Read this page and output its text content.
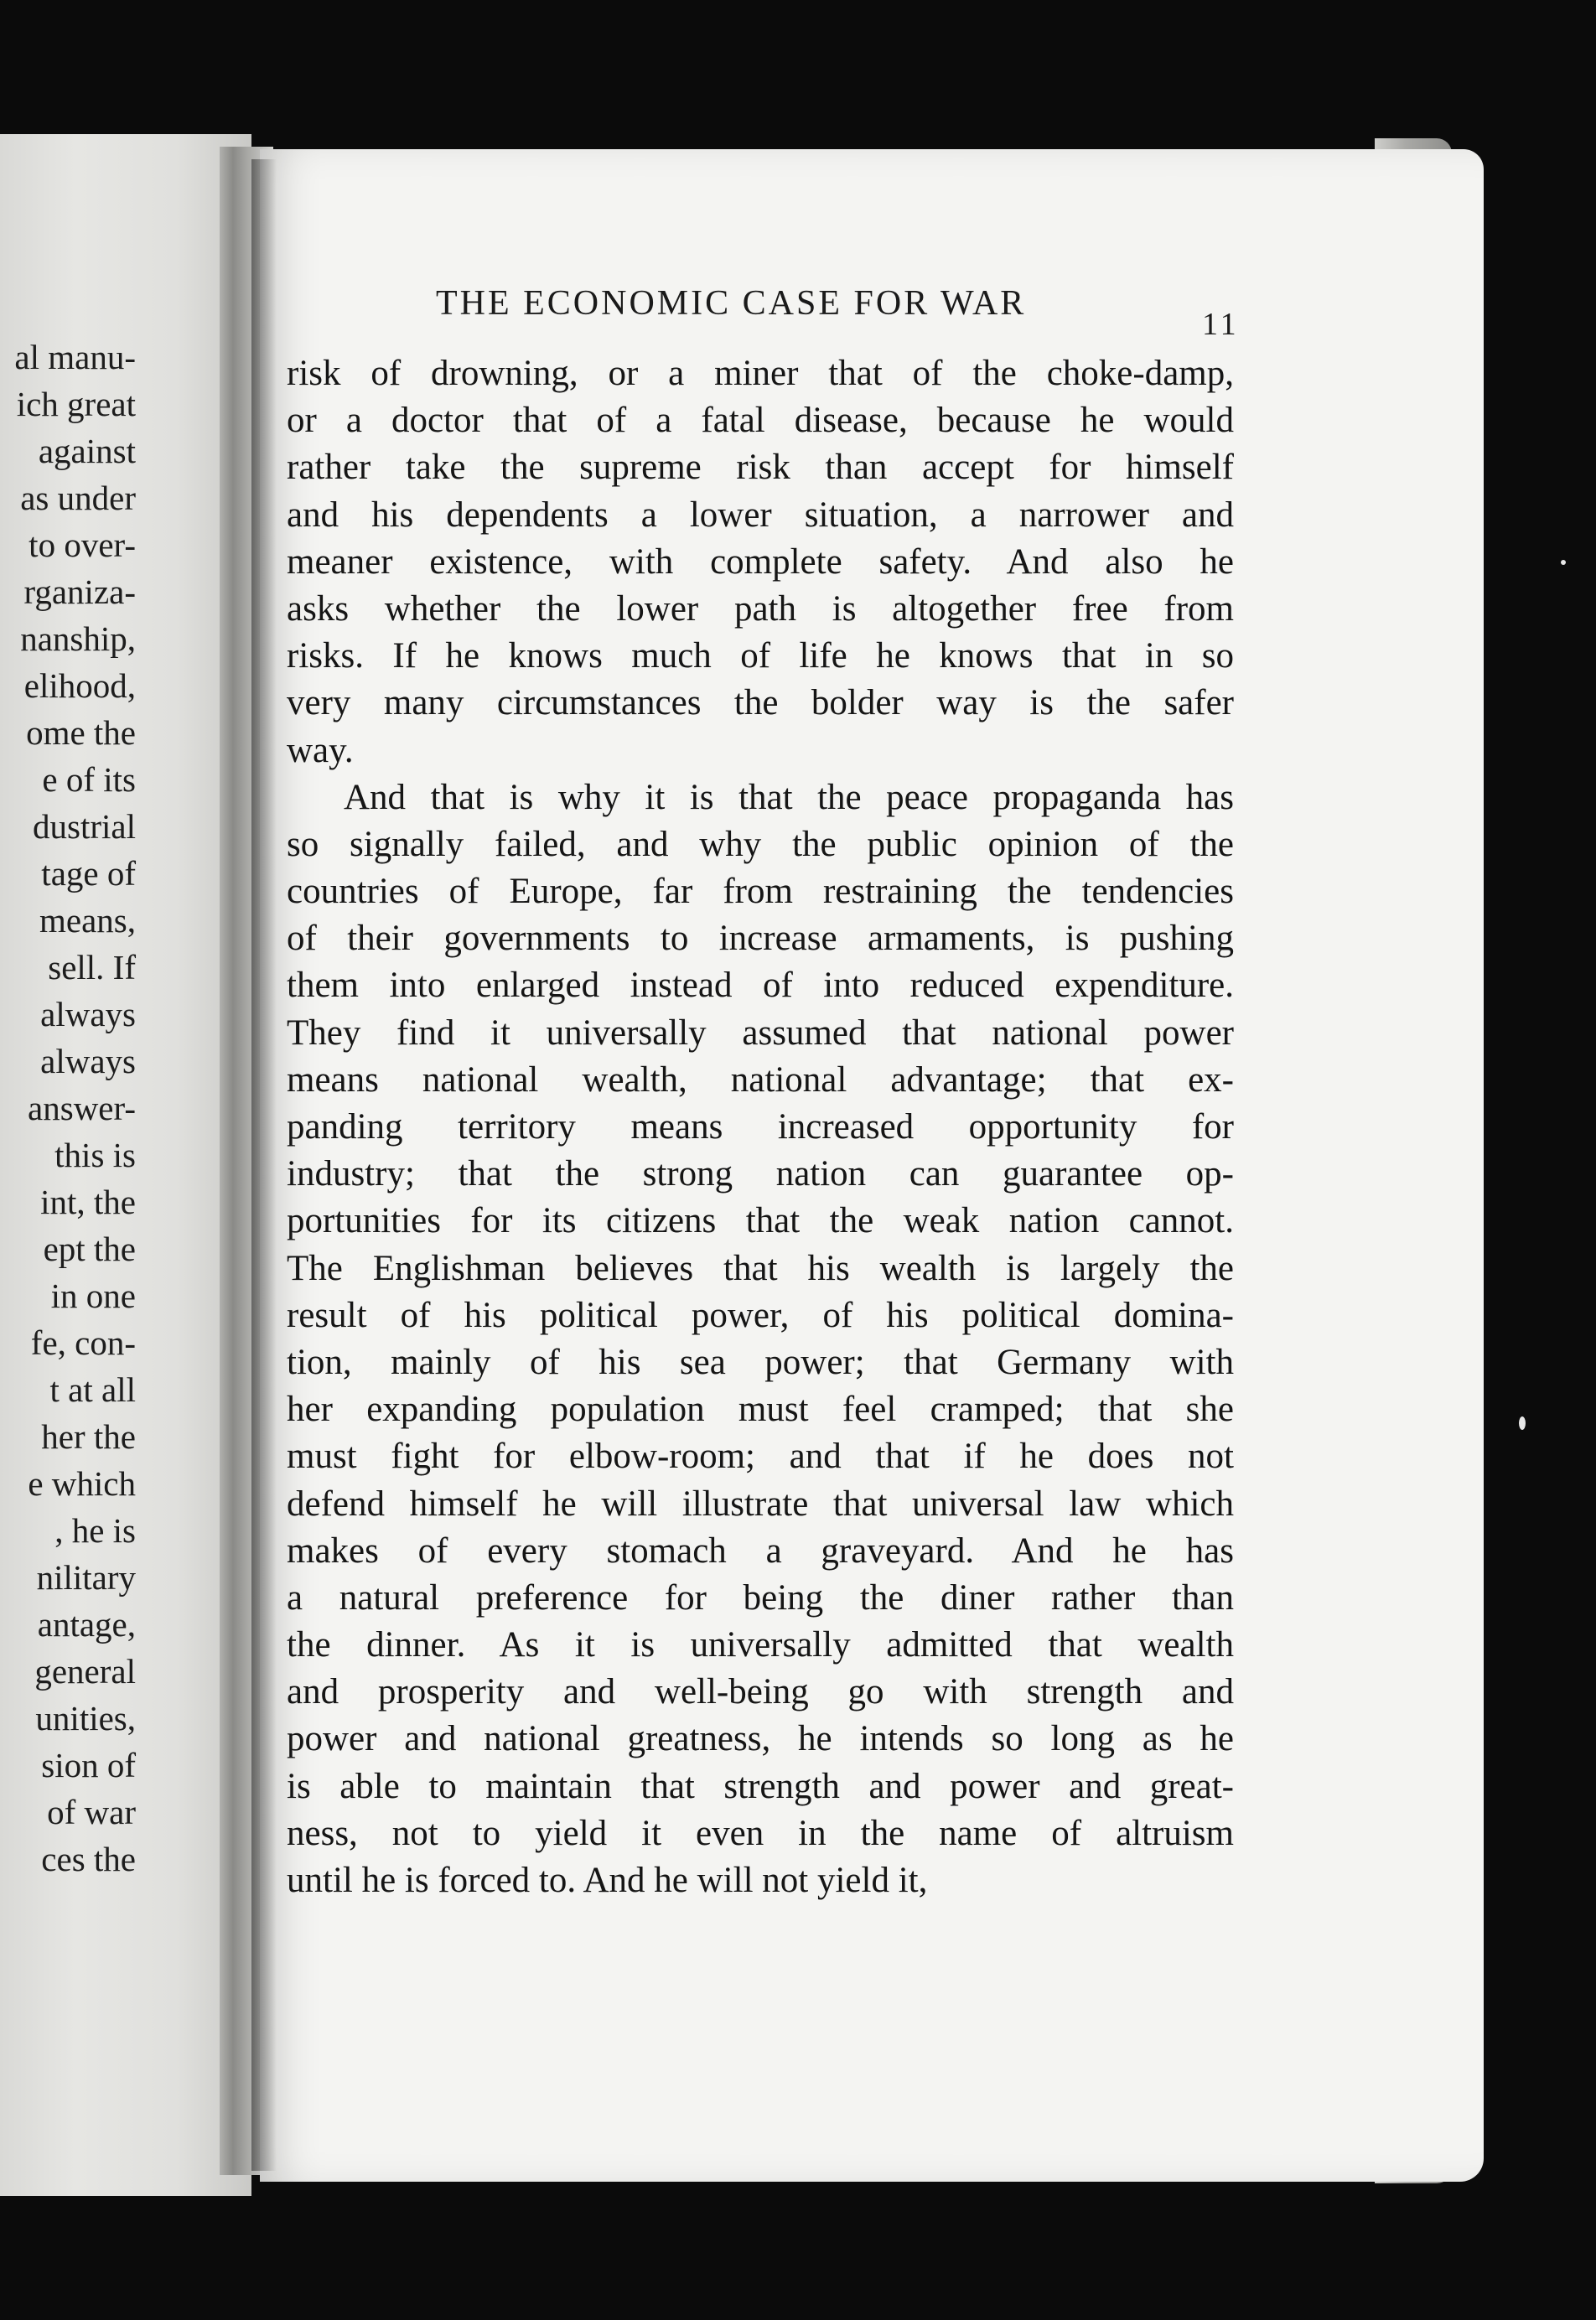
al manu-
ich great
against
as under
to over-
rganiza-
nanship,
elihood,
ome the
e of its
dustrial
tage of
means,
sell. If
always
always
answer-
this is
int, the
ept the
in one
fe, con-
t at all
her the
e which
, he is
nilitary
antage,
general
unities,
sion of
of war
ces the
THE ECONOMIC CASE FOR WAR
11
risk of drowning, or a miner that of the choke-damp,
or a doctor that of a fatal disease, because he would
rather take the supreme risk than accept for himself
and his dependents a lower situation, a narrower and
meaner existence, with complete safety. And also he
asks whether the lower path is altogether free from
risks. If he knows much of life he knows that in so
very many circumstances the bolder way is the safer
way.
And that is why it is that the peace propaganda has
so signally failed, and why the public opinion of the
countries of Europe, far from restraining the tendencies
of their governments to increase armaments, is pushing
them into enlarged instead of into reduced expenditure.
They find it universally assumed that national power
means national wealth, national advantage; that ex-
panding territory means increased opportunity for
industry; that the strong nation can guarantee op-
portunities for its citizens that the weak nation cannot.
The Englishman believes that his wealth is largely the
result of his political power, of his political domina-
tion, mainly of his sea power; that Germany with
her expanding population must feel cramped; that she
must fight for elbow-room; and that if he does not
defend himself he will illustrate that universal law which
makes of every stomach a graveyard. And he has
a natural preference for being the diner rather than
the dinner. As it is universally admitted that wealth
and prosperity and well-being go with strength and
power and national greatness, he intends so long as he
is able to maintain that strength and power and great-
ness, not to yield it even in the name of altruism
until he is forced to. And he will not yield it,
